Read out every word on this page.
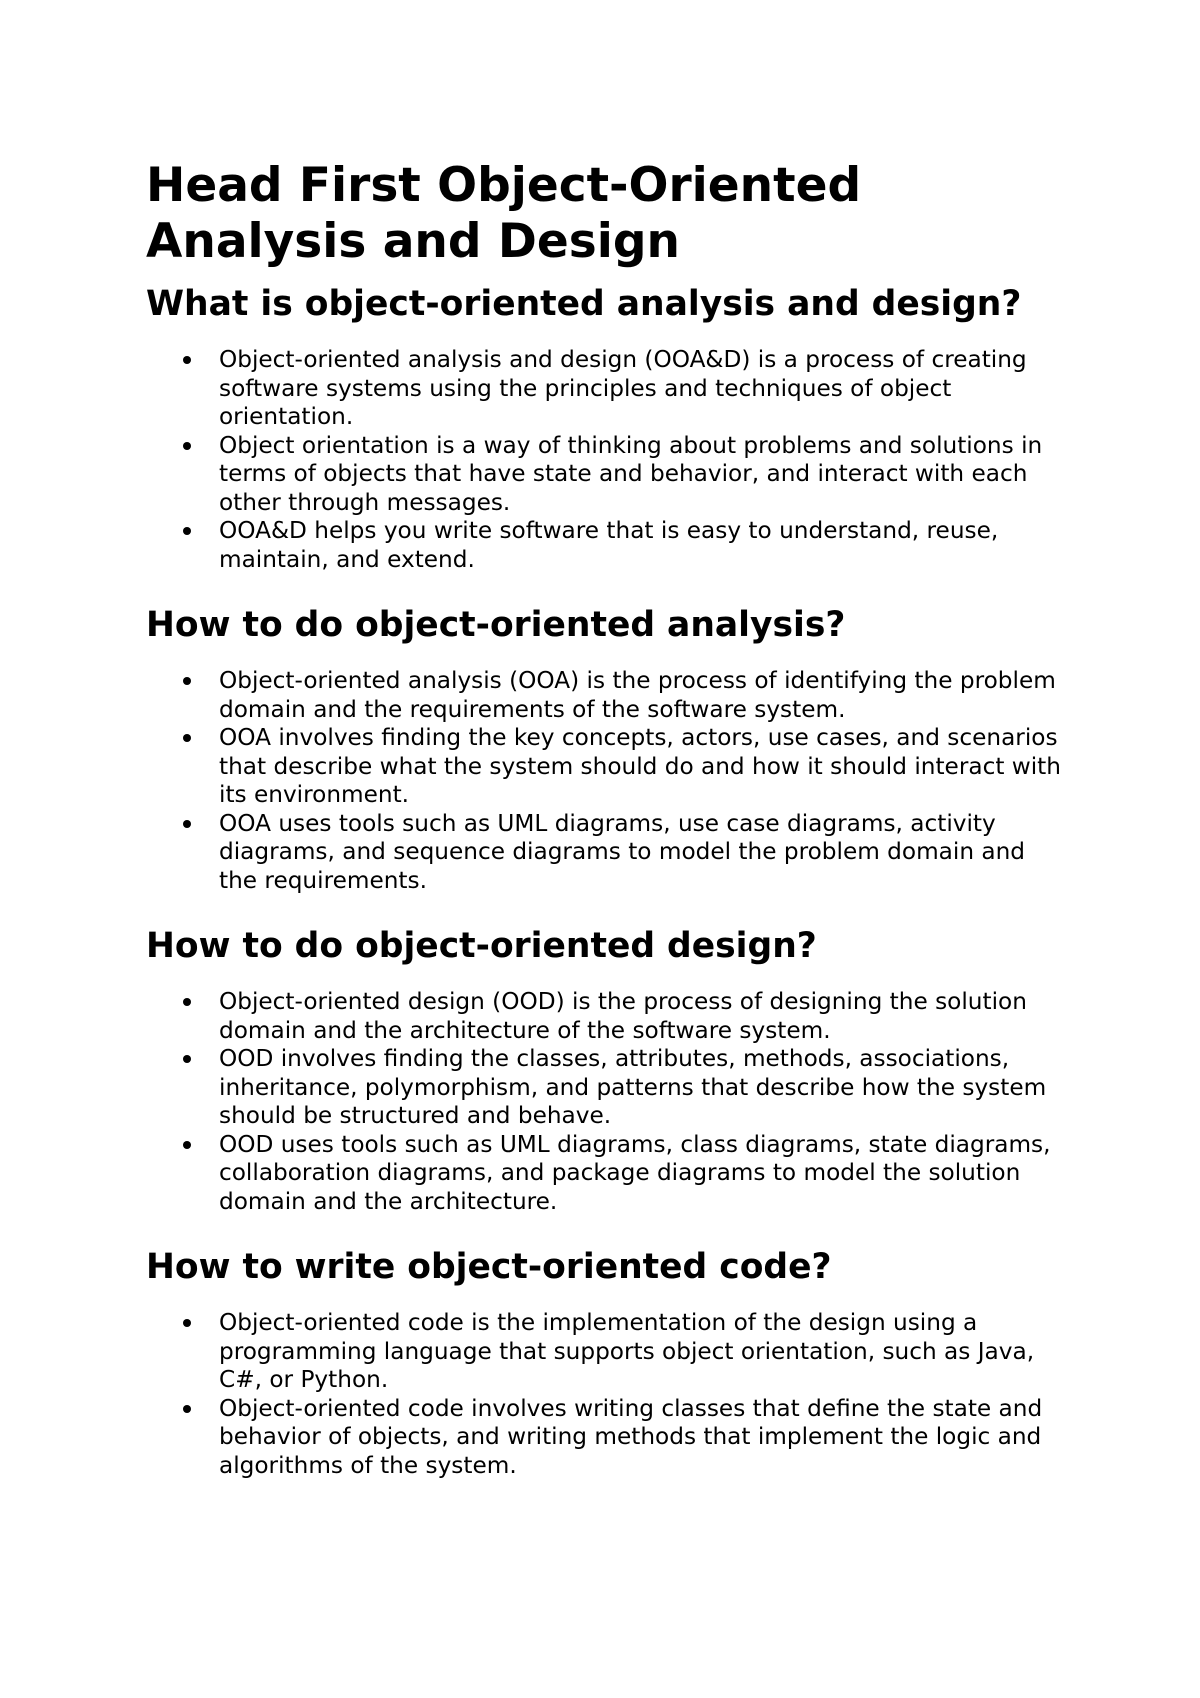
Head First Object-Oriented Analysis and Design
What is object-oriented analysis and design?
Object-oriented analysis and design (OOA&D) is a process of creating software systems using the principles and techniques of object orientation.
Object orientation is a way of thinking about problems and solutions in terms of objects that have state and behavior, and interact with each other through messages.
OOA&D helps you write software that is easy to understand, reuse, maintain, and extend.
How to do object-oriented analysis?
Object-oriented analysis (OOA) is the process of identifying the problem domain and the requirements of the software system.
OOA involves finding the key concepts, actors, use cases, and scenarios that describe what the system should do and how it should interact with its environment.
OOA uses tools such as UML diagrams, use case diagrams, activity diagrams, and sequence diagrams to model the problem domain and the requirements.
How to do object-oriented design?
Object-oriented design (OOD) is the process of designing the solution domain and the architecture of the software system.
OOD involves finding the classes, attributes, methods, associations, inheritance, polymorphism, and patterns that describe how the system should be structured and behave.
OOD uses tools such as UML diagrams, class diagrams, state diagrams, collaboration diagrams, and package diagrams to model the solution domain and the architecture.
How to write object-oriented code?
Object-oriented code is the implementation of the design using a programming language that supports object orientation, such as Java, C#, or Python.
Object-oriented code involves writing classes that define the state and behavior of objects, and writing methods that implement the logic and algorithms of the system.
